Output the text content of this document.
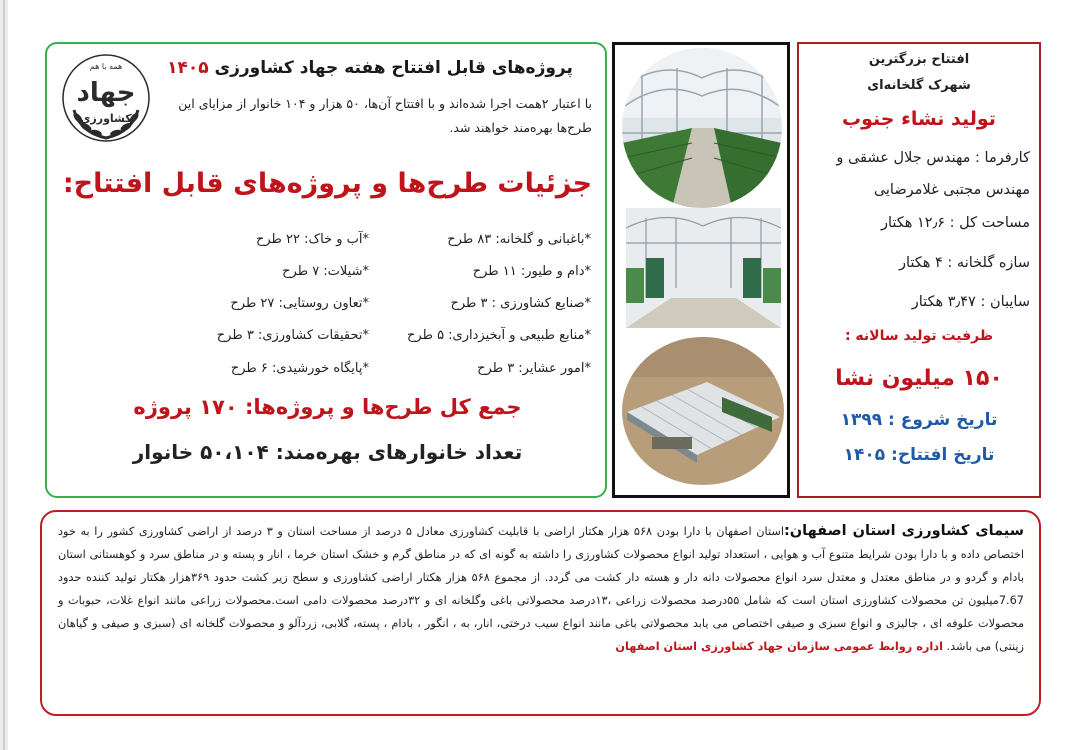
همه با هم
جهاد
کشاورزی
پروژه‌های قابل افتتاح هفته جهاد کشاورزی ۱۴۰۵
با اعتبار ۲همت اجرا شده‌اند و با افتتاح آن‌ها، ۵۰ هزار و ۱۰۴ خانوار از مزایای این طرح‌ها بهره‌مند خواهند شد.
جزئیات طرح‌ها و پروژه‌های قابل افتتاح:
*باغبانی و گلخانه: ۸۳ طرح
*دام و طیور: ۱۱ طرح
*صنایع کشاورزی : ۳ طرح
*منابع طبیعی و آبخیزداری: ۵ طرح
*امور عشایر: ۳ طرح
*آب و خاک: ۲۲ طرح
*شیلات: ۷ طرح
*تعاون روستایی: ۲۷ طرح
*تحقیقات کشاورزی: ۳ طرح
*پایگاه خورشیدی: ۶ طرح
جمع کل طرح‌ها و پروژه‌ها: ۱۷۰ پروژه
تعداد خانوارهای بهره‌مند: ۵۰،۱۰۴ خانوار
افتتاح بزرگترین
شهرک گلخانه‌ای
تولید نشاء جنوب
کارفرما : مهندس جلال عشقی و
مهندس مجتبی غلامرضایی
مساحت کل : ۱۲٫۶ هکتار
سازه گلخانه : ۴ هکتار
سایبان : ۳٫۴۷ هکتار
ظرفیت تولید سالانه :
۱۵۰ میلیون نشا
تاریخ شروع : ۱۳۹۹
تاریخ افتتاح: ۱۴۰۵
سیمای کشاورزی استان اصفهان:استان اصفهان با دارا بودن ۵۶۸ هزار هکتار اراضی با قابلیت کشاورزی معادل ۵ درصد از مساحت استان و ۳ درصد از اراضی کشاورزی کشور را به خود اختصاص داده و با دارا بودن شرایط متنوع آب و هوایی ، استعداد تولید انواع محصولات کشاورزی را داشته به گونه ای که در مناطق گرم و خشک استان خرما ، انار و پسته و در مناطق سرد و کوهستانی استان بادام و گردو و در مناطق معتدل و معتدل سرد انواع محصولات دانه دار و هسته دار کشت می گردد. از مجموع ۵۶۸ هزار هکتار اراضی کشاورزی و سطح زیر کشت حدود ۳۶۹هزار هکتار تولید کننده حدود 7.67میلیون تن محصولات کشاورزی استان است که شامل ۵۵درصد محصولات زراعی ،۱۳درصد محصولاتی باغی وگلخانه ای و ۳۲درصد محصولات دامی است.محصولات زراعی مانند انواع غلات، حبوبات و محصولات علوفه ای ، جالیزی و انواع سبزی و صیفی اختصاص می یابد محصولاتی باغی مانند انواع سیب درختی، انار، به ، انگور ، بادام ، پسته، گلابی، زردآلو و محصولات گلخانه ای (سبزی و صیفی و گیاهان زینتی) می باشد. اداره روابط عمومی سازمان جهاد کشاورزی استان اصفهان
